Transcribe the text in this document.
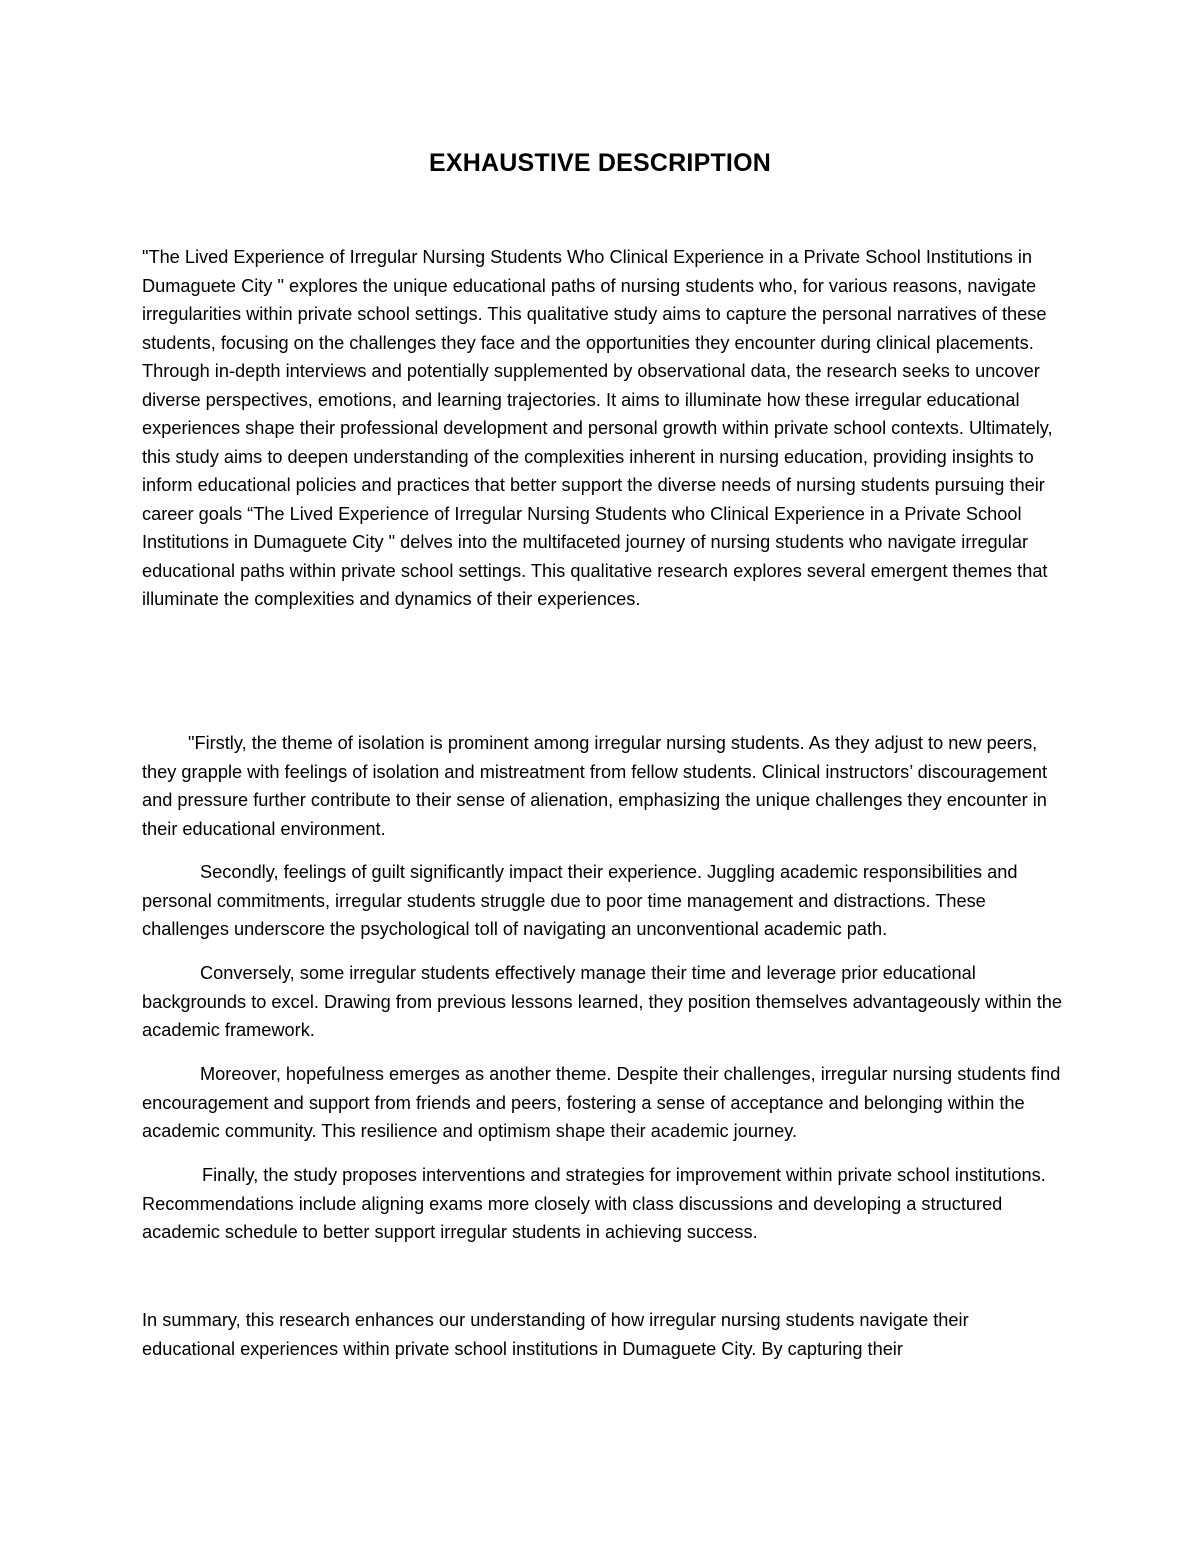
EXHAUSTIVE DESCRIPTION

"The Lived Experience of Irregular Nursing Students Who Clinical Experience in a Private School Institutions in Dumaguete City " explores the unique educational paths of nursing students who, for various reasons, navigate irregularities within private school settings. This qualitative study aims to capture the personal narratives of these students, focusing on the challenges they face and the opportunities they encounter during clinical placements. Through in-depth interviews and potentially supplemented by observational data, the research seeks to uncover diverse perspectives, emotions, and learning trajectories. It aims to illuminate how these irregular educational experiences shape their professional development and personal growth within private school contexts. Ultimately, this study aims to deepen understanding of the complexities inherent in nursing education, providing insights to inform educational policies and practices that better support the diverse needs of nursing students pursuing their career goals “The Lived Experience of Irregular Nursing Students who Clinical Experience in a Private School Institutions in Dumaguete City " delves into the multifaceted journey of nursing students who navigate irregular educational paths within private school settings. This qualitative research explores several emergent themes that illuminate the complexities and dynamics of their experiences.

"Firstly, the theme of isolation is prominent among irregular nursing students. As they adjust to new peers, they grapple with feelings of isolation and mistreatment from fellow students. Clinical instructors’ discouragement and pressure further contribute to their sense of alienation, emphasizing the unique challenges they encounter in their educational environment.

Secondly, feelings of guilt significantly impact their experience. Juggling academic responsibilities and personal commitments, irregular students struggle due to poor time management and distractions. These challenges underscore the psychological toll of navigating an unconventional academic path.

Conversely, some irregular students effectively manage their time and leverage prior educational backgrounds to excel. Drawing from previous lessons learned, they position themselves advantageously within the academic framework.

Moreover, hopefulness emerges as another theme. Despite their challenges, irregular nursing students find encouragement and support from friends and peers, fostering a sense of acceptance and belonging within the academic community. This resilience and optimism shape their academic journey.

Finally, the study proposes interventions and strategies for improvement within private school institutions. Recommendations include aligning exams more closely with class discussions and developing a structured academic schedule to better support irregular students in achieving success.

In summary, this research enhances our understanding of how irregular nursing students navigate their educational experiences within private school institutions in Dumaguete City. By capturing their
